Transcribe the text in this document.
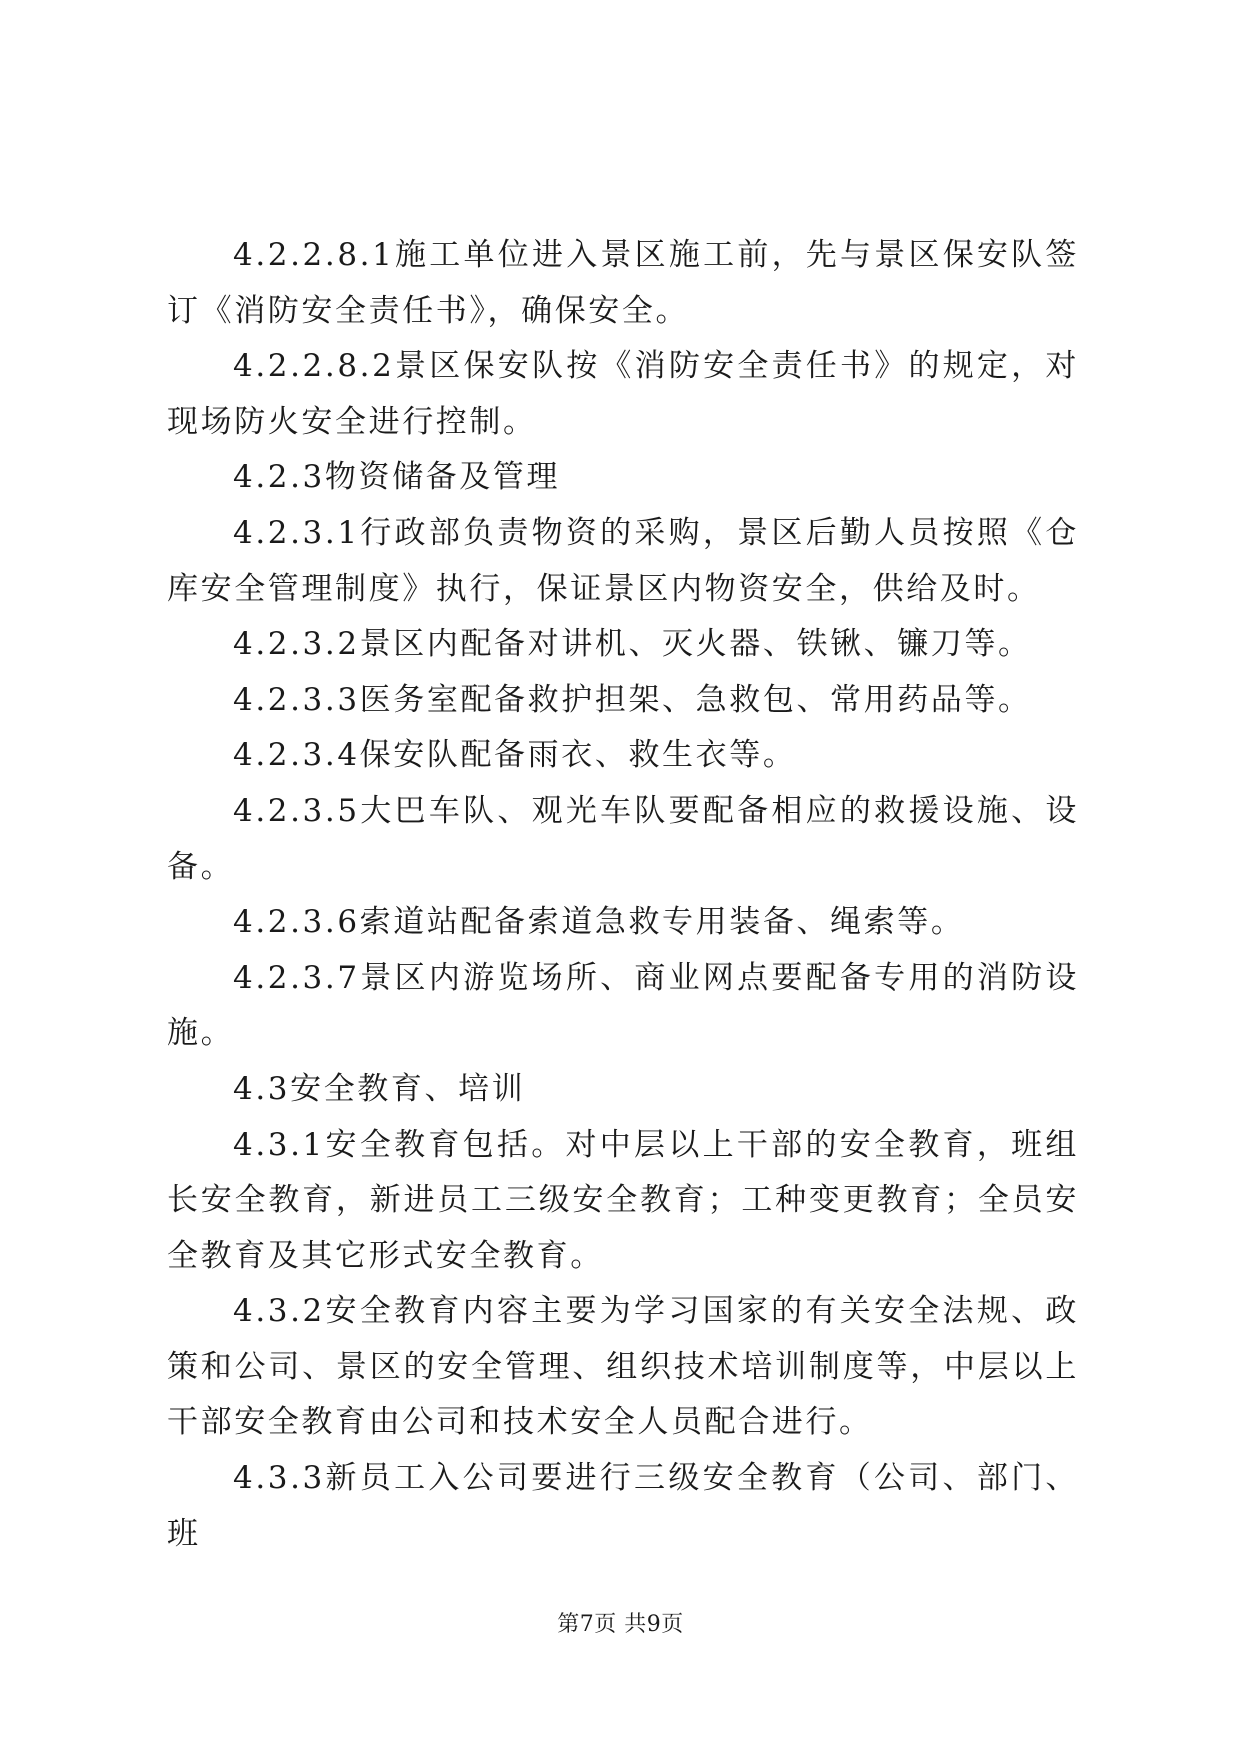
4.2.2.8.1施工单位进入景区施工前，先与景区保安队签订《消防安全责任书》，确保安全。

4.2.2.8.2景区保安队按《消防安全责任书》的规定，对现场防火安全进行控制。

4.2.3物资储备及管理

4.2.3.1行政部负责物资的采购，景区后勤人员按照《仓库安全管理制度》执行，保证景区内物资安全，供给及时。

4.2.3.2景区内配备对讲机、灭火器、铁锹、镰刀等。

4.2.3.3医务室配备救护担架、急救包、常用药品等。

4.2.3.4保安队配备雨衣、救生衣等。

4.2.3.5大巴车队、观光车队要配备相应的救援设施、设备。

4.2.3.6索道站配备索道急救专用装备、绳索等。

4.2.3.7景区内游览场所、商业网点要配备专用的消防设施。

4.3安全教育、培训

4.3.1安全教育包括。对中层以上干部的安全教育，班组长安全教育，新进员工三级安全教育；工种变更教育；全员安全教育及其它形式安全教育。

4.3.2安全教育内容主要为学习国家的有关安全法规、政策和公司、景区的安全管理、组织技术培训制度等，中层以上干部安全教育由公司和技术安全人员配合进行。

4.3.3新员工入公司要进行三级安全教育（公司、部门、班

第7页 共9页
